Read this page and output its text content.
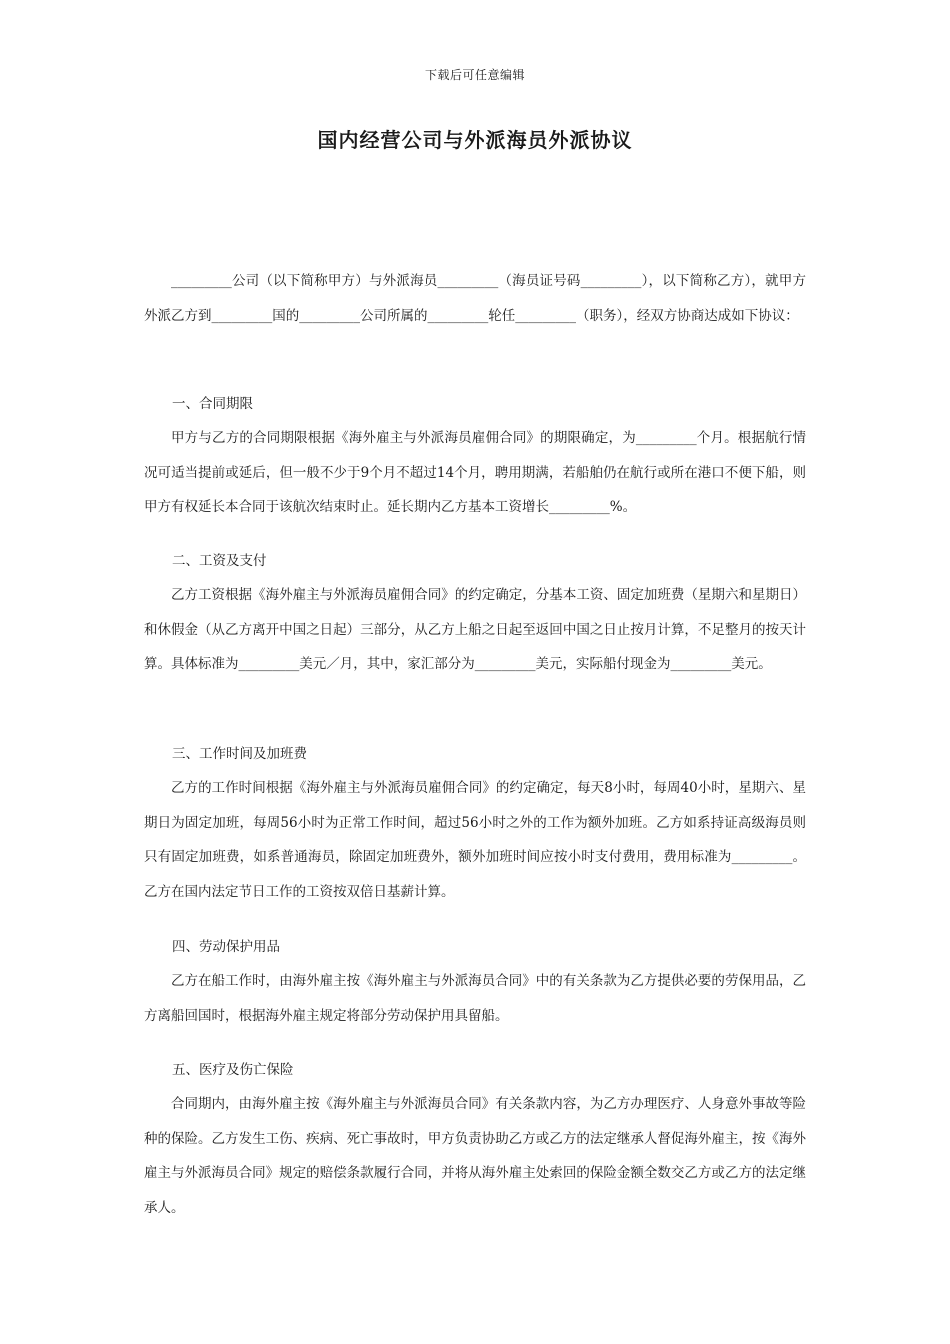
下载后可任意编辑
国内经营公司与外派海员外派协议

_________公司（以下简称甲方）与外派海员_________（海员证号码_________），以下简称乙方），就甲方外派乙方到_________国的_________公司所属的_________轮任_________（职务），经双方协商达成如下协议：

一、合同期限

甲方与乙方的合同期限根据《海外雇主与外派海员雇佣合同》的期限确定，为_________个月。根据航行情况可适当提前或延后，但一般不少于9个月不超过14个月，聘用期满，若船舶仍在航行或所在港口不便下船，则甲方有权延长本合同于该航次结束时止。延长期内乙方基本工资增长_________%。

二、工资及支付

乙方工资根据《海外雇主与外派海员雇佣合同》的约定确定，分基本工资、固定加班费（星期六和星期日）和休假金（从乙方离开中国之日起）三部分，从乙方上船之日起至返回中国之日止按月计算，不足整月的按天计算。具体标准为_________美元／月，其中，家汇部分为_________美元，实际船付现金为_________美元。

三、工作时间及加班费

乙方的工作时间根据《海外雇主与外派海员雇佣合同》的约定确定，每天8小时，每周40小时，星期六、星期日为固定加班，每周56小时为正常工作时间，超过56小时之外的工作为额外加班。乙方如系持证高级海员则只有固定加班费，如系普通海员，除固定加班费外，额外加班时间应按小时支付费用，费用标准为_________。乙方在国内法定节日工作的工资按双倍日基薪计算。

四、劳动保护用品

乙方在船工作时，由海外雇主按《海外雇主与外派海员合同》中的有关条款为乙方提供必要的劳保用品，乙方离船回国时，根据海外雇主规定将部分劳动保护用具留船。

五、医疗及伤亡保险

合同期内，由海外雇主按《海外雇主与外派海员合同》有关条款内容，为乙方办理医疗、人身意外事故等险种的保险。乙方发生工伤、疾病、死亡事故时，甲方负责协助乙方或乙方的法定继承人督促海外雇主，按《海外雇主与外派海员合同》规定的赔偿条款履行合同，并将从海外雇主处索回的保险金额全数交乙方或乙方的法定继承人。
